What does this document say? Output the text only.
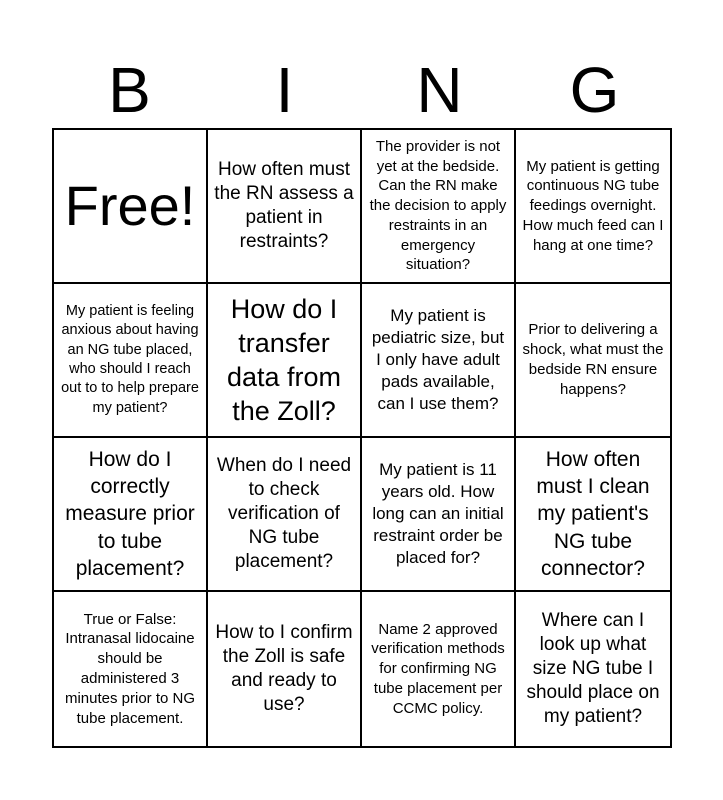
B	I	N	G
Free!
How often must the RN assess a patient in restraints?
The provider is not yet at the bedside. Can the RN make the decision to apply restraints in an emergency situation?
My patient is getting continuous NG tube feedings overnight. How much feed can I hang at one time?
My patient is feeling anxious about having an NG tube placed, who should I reach out to to help prepare my patient?
How do I transfer data from the Zoll?
My patient is pediatric size, but I only have adult pads available, can I use them?
Prior to delivering a shock, what must the bedside RN ensure happens?
How do I correctly measure prior to tube placement?
When do I need to check verification of NG tube placement?
My patient is 11 years old. How long can an initial restraint order be placed for?
How often must I clean my patient's NG tube connector?
True or False: Intranasal lidocaine should be administered 3 minutes prior to NG tube placement.
How to I confirm the Zoll is safe and ready to use?
Name 2 approved verification methods for confirming NG tube placement per CCMC policy.
Where can I look up what size NG tube I should place on my patient?
